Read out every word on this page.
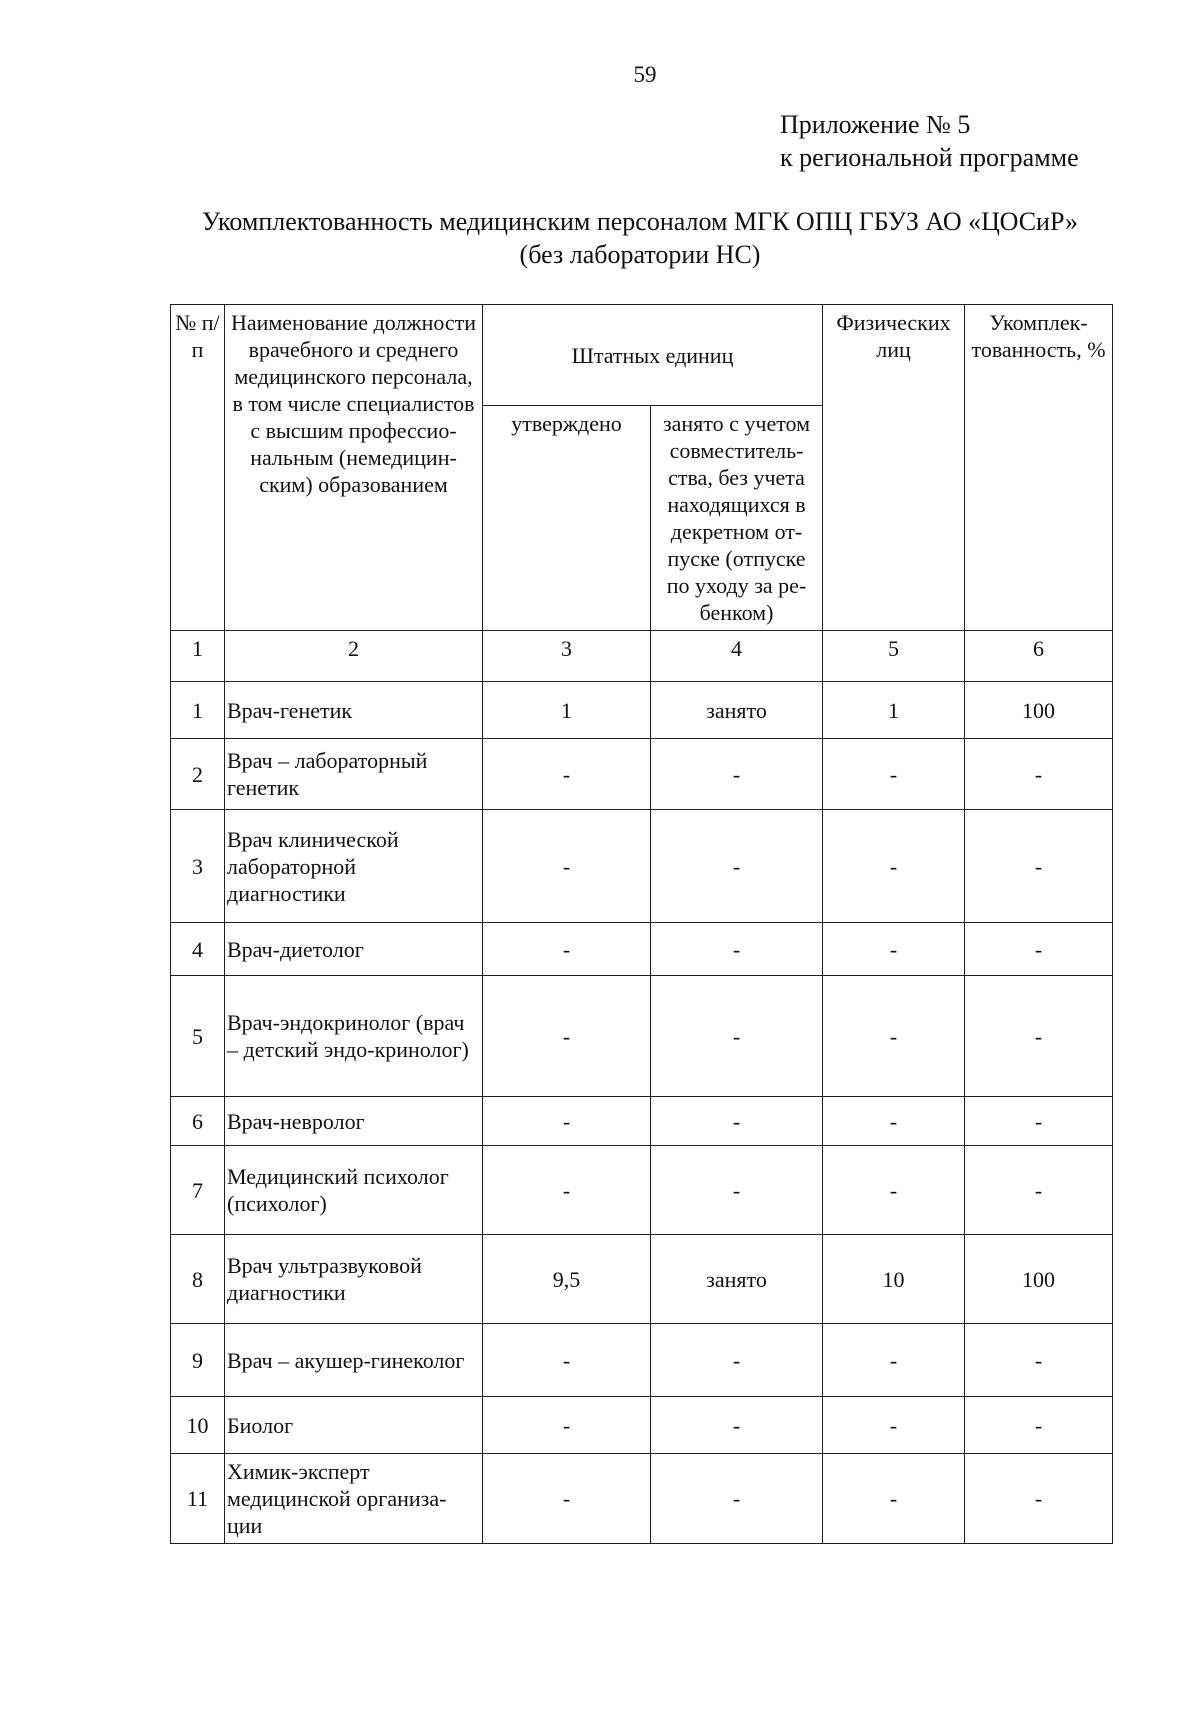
59
Приложение № 5
к региональной программе
Укомплектованность медицинским персоналом МГК ОПЦ ГБУЗ АО «ЦОСиР»
(без лаборатории НС)
№ п/п	Наименование должности врачебного и среднего медицинского персонала, в том числе специалистов с высшим профессио-нальным (немедицин-ским) образованием	Штатных единиц		Физических лиц	Укомплек-тованность, %
		утверждено	занято с учетом совместитель-ства, без учета находящихся в декретном от-пуске (отпуске по уходу за ре-бенком)		
1	2	3	4	5	6
1	Врач-генетик	1	занято	1	100
2	Врач – лабораторный генетик	-	-	-	-
3	Врач клинической лабораторной диагностики	-	-	-	-
4	Врач-диетолог	-	-	-	-
5	Врач-эндокринолог (врач – детский эндо-кринолог)	-	-	-	-
6	Врач-невролог	-	-	-	-
7	Медицинский психолог (психолог)	-	-	-	-
8	Врач ультразвуковой диагностики	9,5	занято	10	100
9	Врач – акушер-гинеколог	-	-	-	-
10	Биолог	-	-	-	-
11	Химик-эксперт медицинской организа-ции	-	-	-	-
